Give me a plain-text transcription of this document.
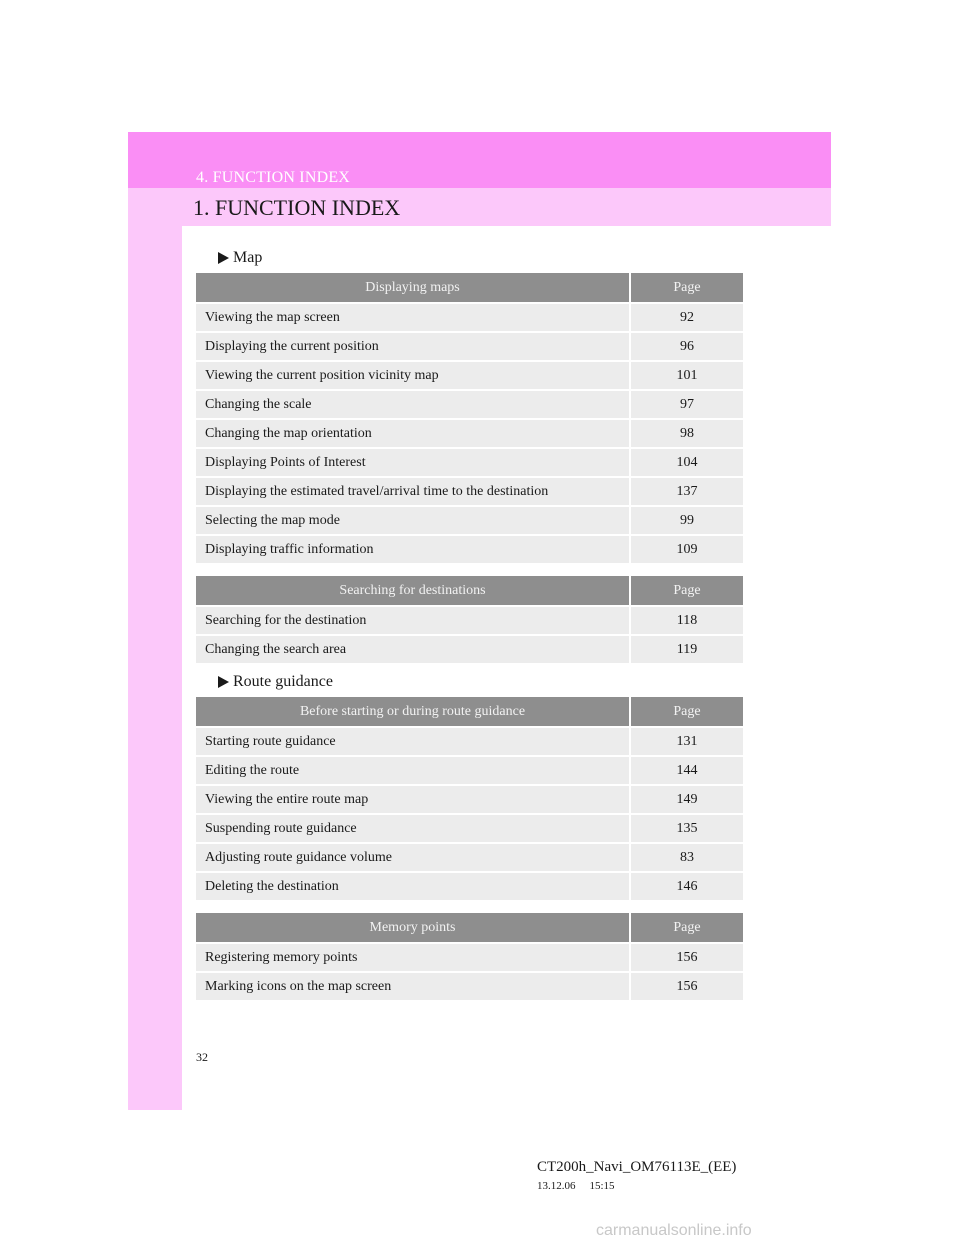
4. FUNCTION INDEX
1. FUNCTION INDEX
Map
Displaying maps	Page
Viewing the map screen	92
Displaying the current position	96
Viewing the current position vicinity map	101
Changing the scale	97
Changing the map orientation	98
Displaying Points of Interest	104
Displaying the estimated travel/arrival time to the destination	137
Selecting the map mode	99
Displaying traffic information	109
Searching for destinations	Page
Searching for the destination	118
Changing the search area	119
Route guidance
Before starting or during route guidance	Page
Starting route guidance	131
Editing the route	144
Viewing the entire route map	149
Suspending route guidance	135
Adjusting route guidance volume	83
Deleting the destination	146
Memory points	Page
Registering memory points	156
Marking icons on the map screen	156
32
CT200h_Navi_OM76113E_(EE)
13.12.06 15:15
carmanualsonline.info
